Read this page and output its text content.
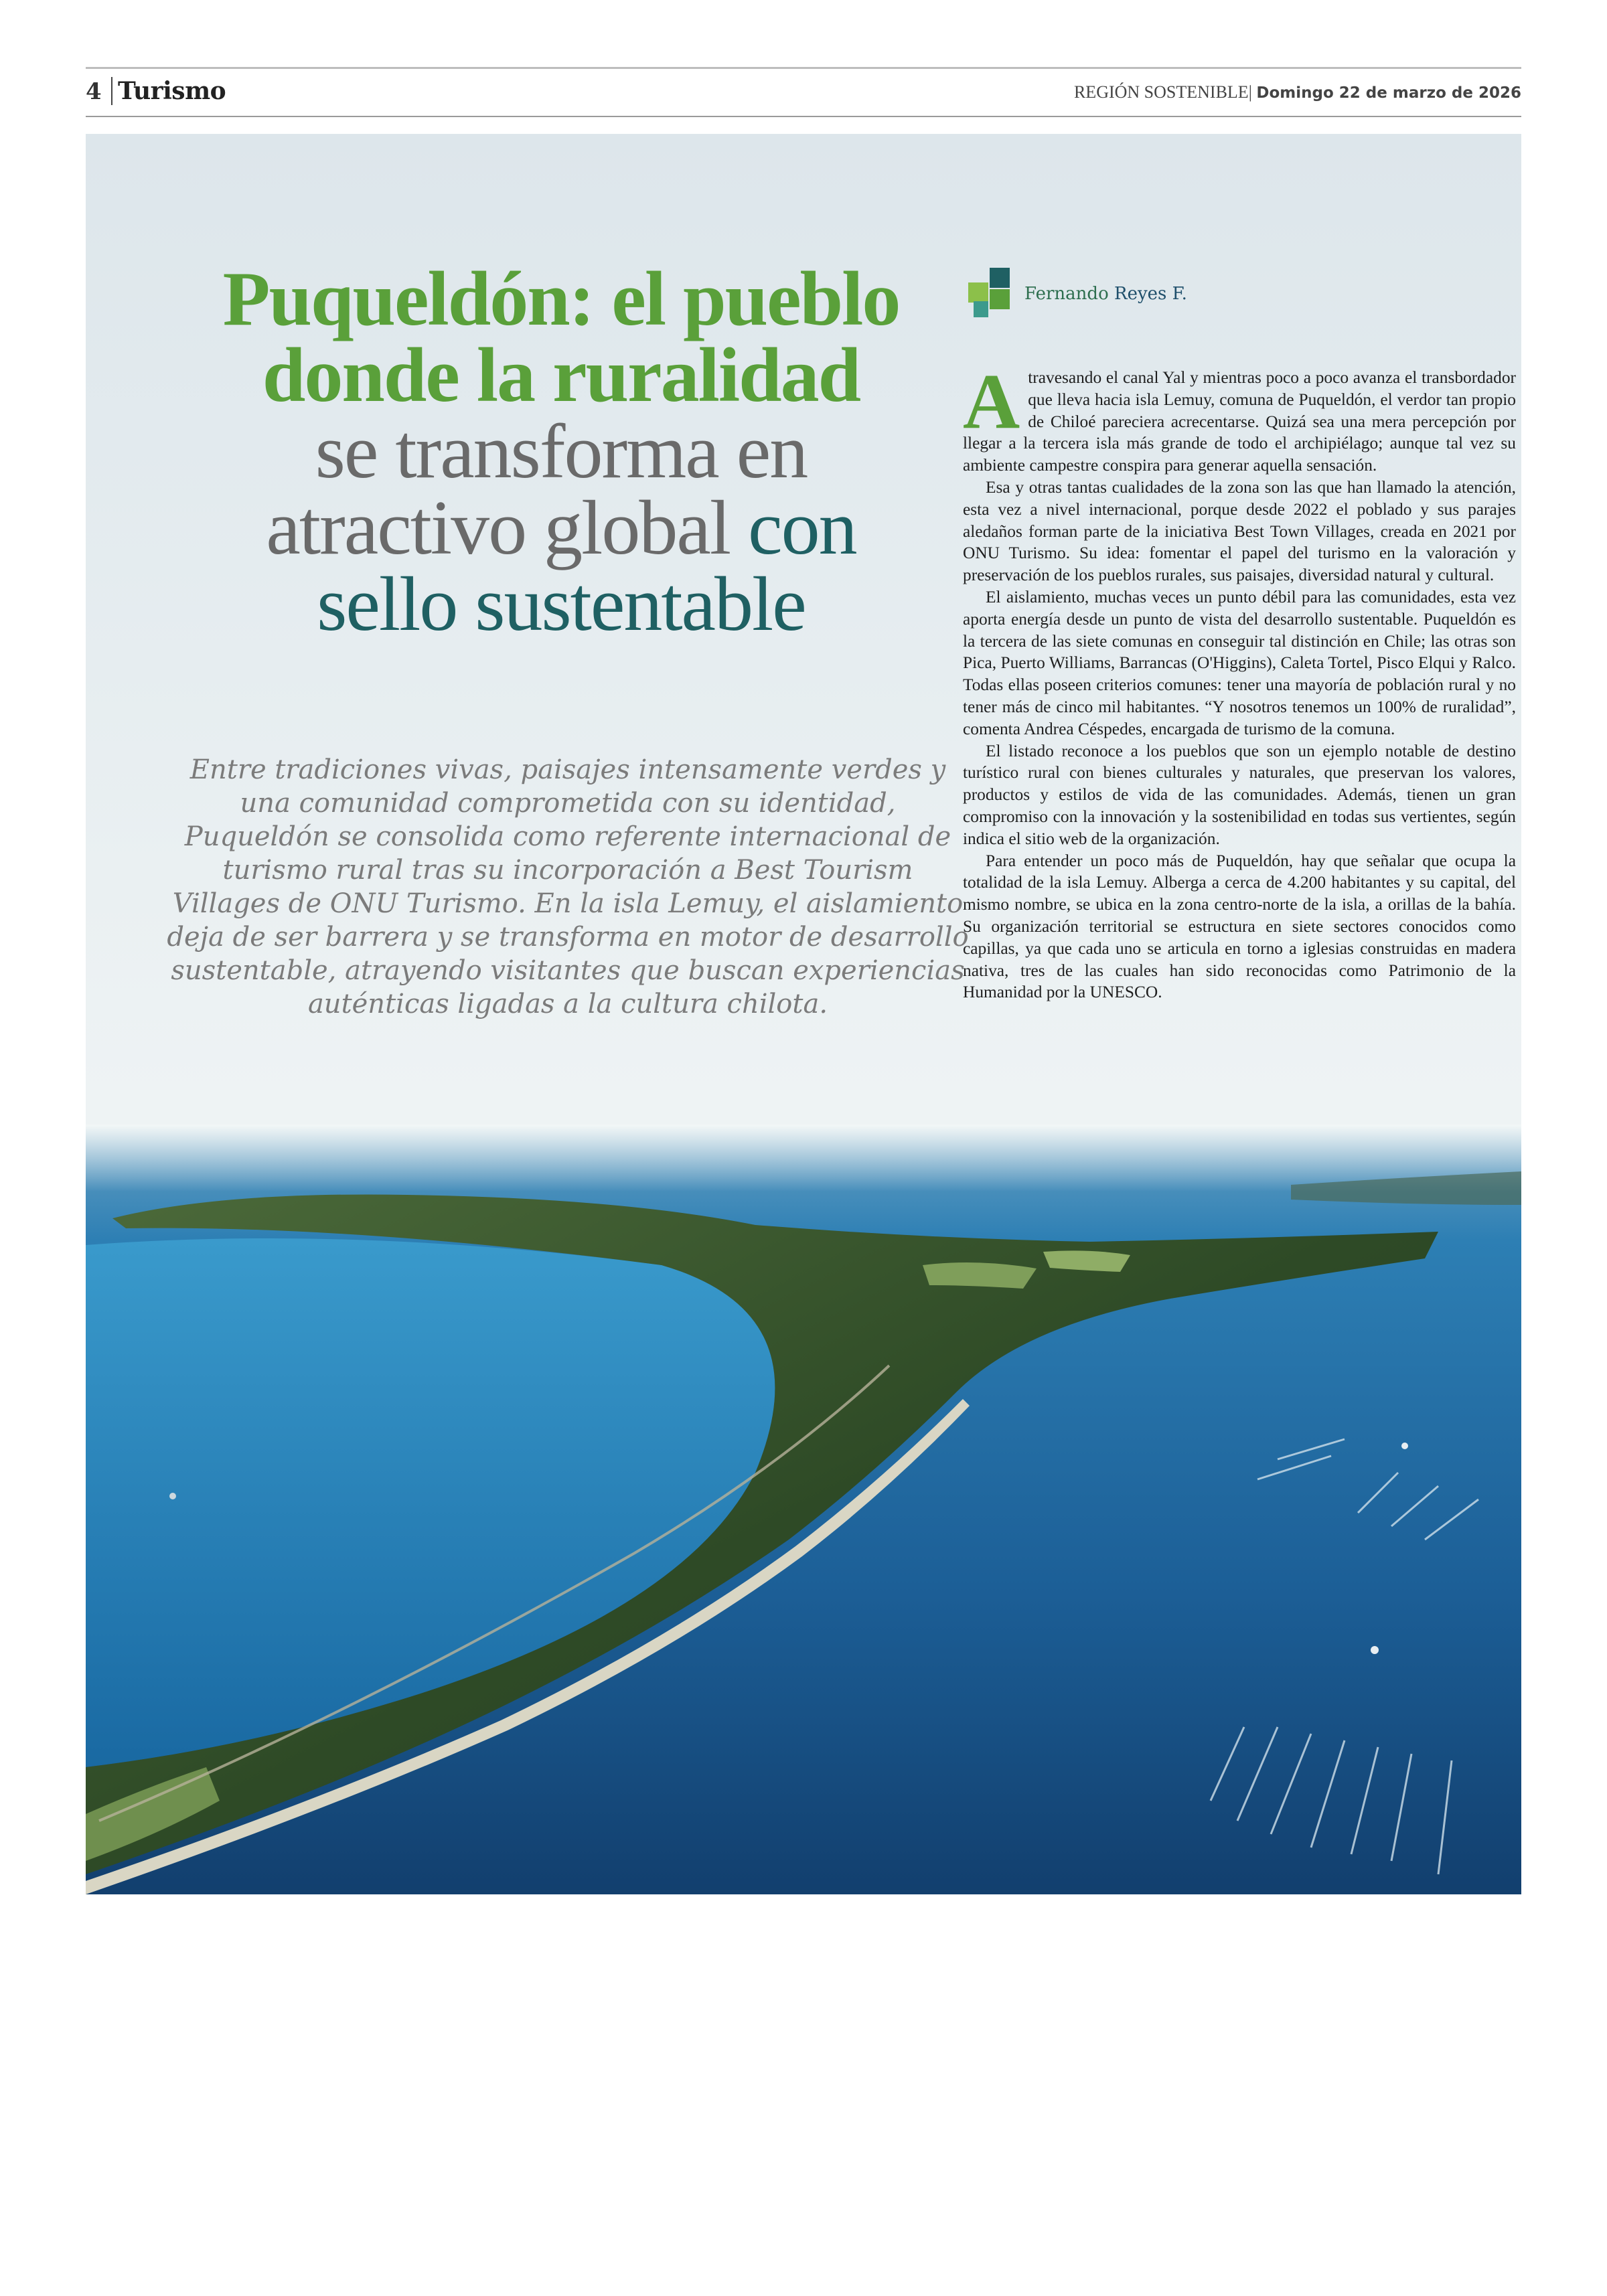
4 Turismo	REGIÓN SOSTENIBLE| Domingo 22 de marzo de 2026
Puqueldón: el pueblo
donde la ruralidad
se transforma en
atractivo global con
sello sustentable
Entre tradiciones vivas, paisajes intensamente verdes y una comunidad comprometida con su identidad, Puqueldón se consolida como referente internacional de turismo rural tras su incorporación a Best Tourism Villages de ONU Turismo. En la isla Lemuy, el aislamiento deja de ser barrera y se transforma en motor de desarrollo sustentable, atrayendo visitantes que buscan experiencias auténticas ligadas a la cultura chilota.
Fernando Reyes F.

Atravesando el canal Yal y mientras poco a poco avanza el transbordador que lleva hacia isla Lemuy, comuna de Puqueldón, el verdor tan propio de Chiloé pareciera acrecentarse. Quizá sea una mera percepción por llegar a la tercera isla más grande de todo el archipiélago; aunque tal vez su ambiente campestre conspira para generar aquella sensación.

Esa y otras tantas cualidades de la zona son las que han llamado la atención, esta vez a nivel internacional, porque desde 2022 el poblado y sus parajes aledaños forman parte de la iniciativa Best Town Villages, creada en 2021 por ONU Turismo. Su idea: fomentar el papel del turismo en la valoración y preservación de los pueblos rurales, sus paisajes, diversidad natural y cultural.

El aislamiento, muchas veces un punto débil para las comunidades, esta vez aporta energía desde un punto de vista del desarrollo sustentable. Puqueldón es la tercera de las siete comunas en conseguir tal distinción en Chile; las otras son Pica, Puerto Williams, Barrancas (O'Higgins), Caleta Tortel, Pisco Elqui y Ralco. Todas ellas poseen criterios comunes: tener una mayoría de población rural y no tener más de cinco mil habitantes. “Y nosotros tenemos un 100% de ruralidad”, comenta Andrea Céspedes, encargada de turismo de la comuna.

El listado reconoce a los pueblos que son un ejemplo notable de destino turístico rural con bienes culturales y naturales, que preservan los valores, productos y estilos de vida de las comunidades. Además, tienen un gran compromiso con la innovación y la sostenibilidad en todas sus vertientes, según indica el sitio web de la organización.

Para entender un poco más de Puqueldón, hay que señalar que ocupa la totalidad de la isla Lemuy. Alberga a cerca de 4.200 habitantes y su capital, del mismo nombre, se ubica en la zona centro-norte de la isla, a orillas de la bahía. Su organización territorial se estructura en siete sectores conocidos como capillas, ya que cada uno se articula en torno a iglesias construidas en madera nativa, tres de las cuales han sido reconocidas como Patrimonio de la Humanidad por la UNESCO.
